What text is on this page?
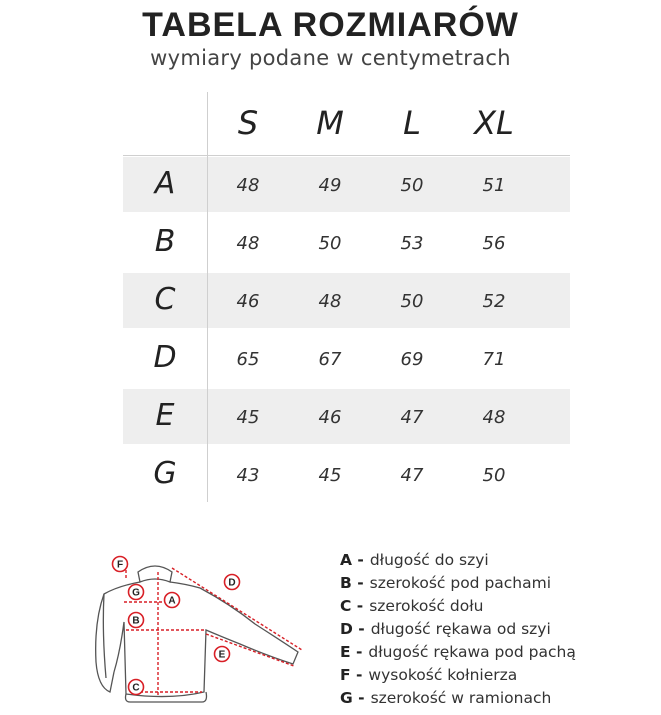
TABELA ROZMIARÓW
wymiary podane w centymetrach
S	M	L	XL
A	48	49	50	51
B	48	50	53	56
C	46	48	50	52
D	65	67	69	71
E	45	46	47	48
G	43	45	47	50
F
G
B
C
A
D
E
A - długość do szyi
B - szerokość pod pachami
C - szerokość dołu
D - długość rękawa od szyi
E - długość rękawa pod pachą
F - wysokość kołnierza
G - szerokość w ramionach
